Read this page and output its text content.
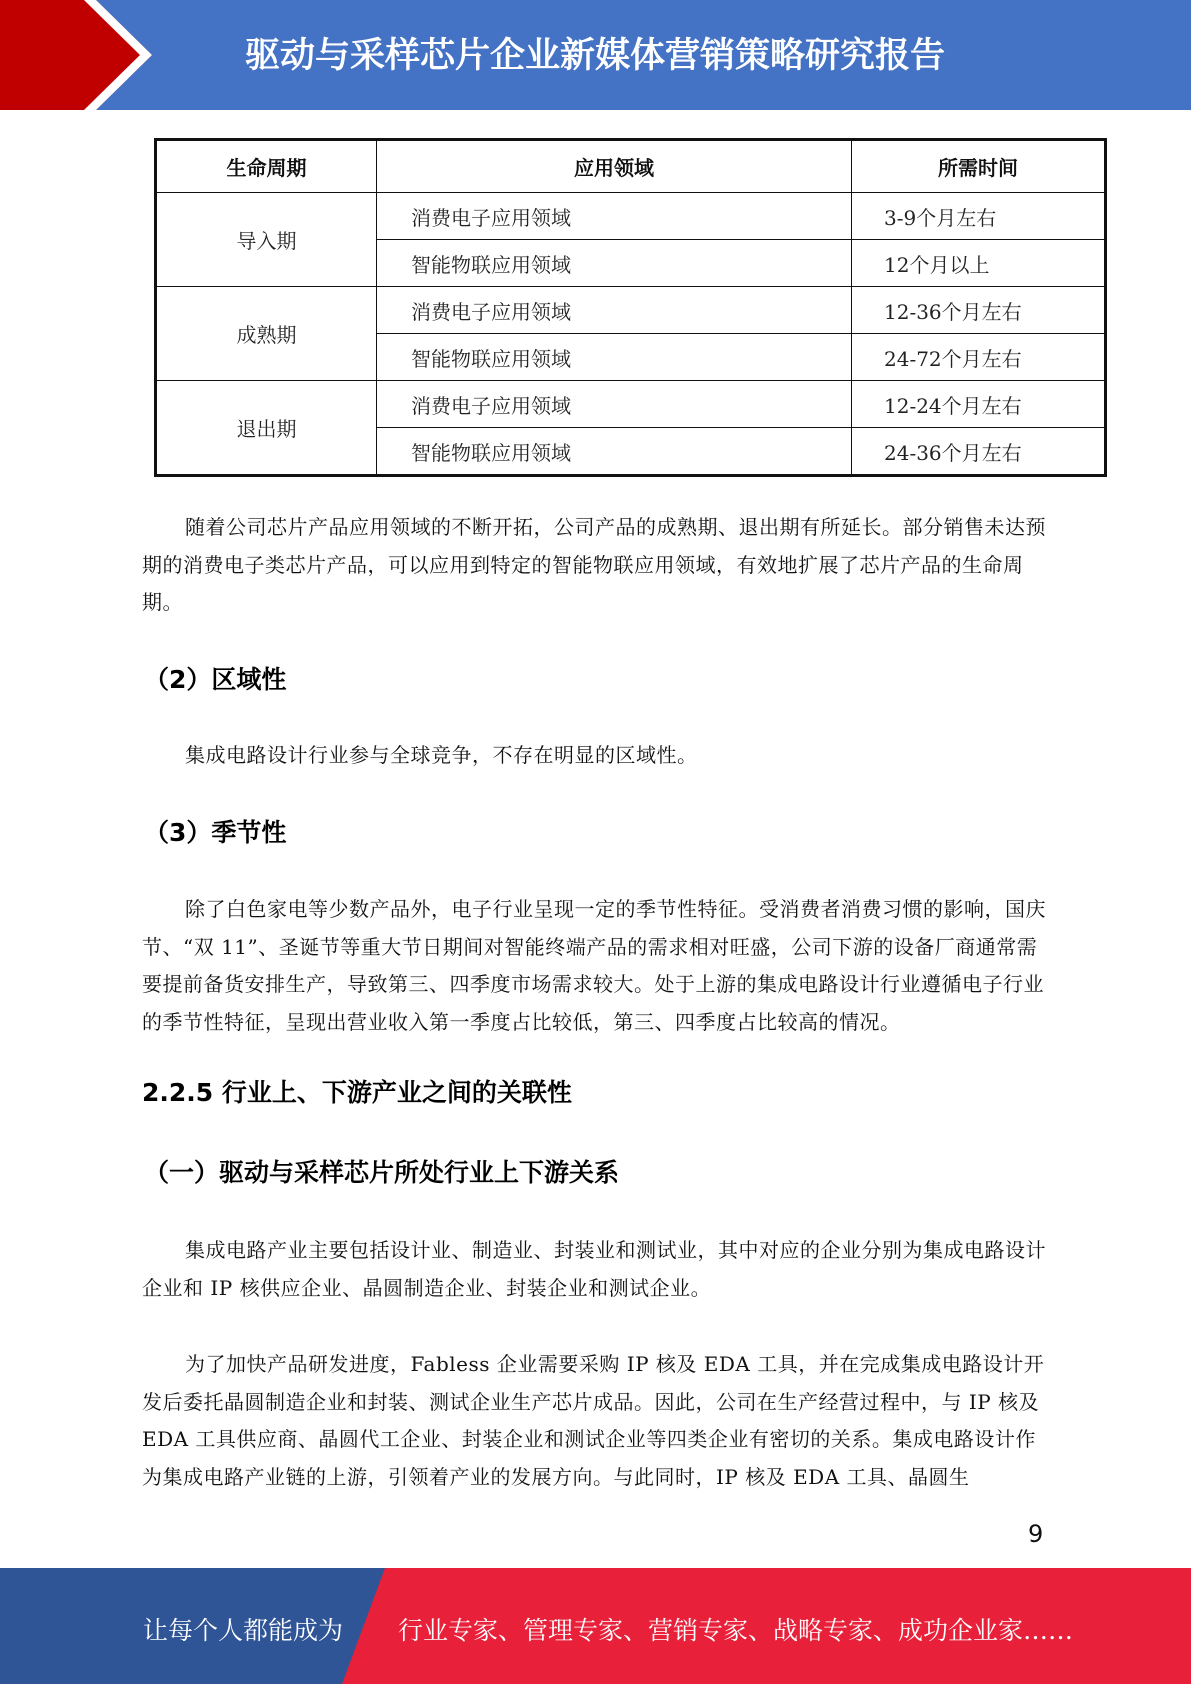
驱动与采样芯片企业新媒体营销策略研究报告
生命周期	应用领域	所需时间
导入期	消费电子应用领域	3-9个月左右
	智能物联应用领域	12个月以上
成熟期	消费电子应用领域	12-36个月左右
	智能物联应用领域	24-72个月左右
退出期	消费电子应用领域	12-24个月左右
	智能物联应用领域	24-36个月左右
随着公司芯片产品应用领域的不断开拓，公司产品的成熟期、退出期有所延长。部分销售未达预期的消费电子类芯片产品，可以应用到特定的智能物联应用领域，有效地扩展了芯片产品的生命周期。
（2）区域性
集成电路设计行业参与全球竞争，不存在明显的区域性。
（3）季节性
除了白色家电等少数产品外，电子行业呈现一定的季节性特征。受消费者消费习惯的影响，国庆节、“双 11”、圣诞节等重大节日期间对智能终端产品的需求相对旺盛，公司下游的设备厂商通常需要提前备货安排生产，导致第三、四季度市场需求较大。处于上游的集成电路设计行业遵循电子行业的季节性特征，呈现出营业收入第一季度占比较低，第三、四季度占比较高的情况。
2.2.5 行业上、下游产业之间的关联性
（一）驱动与采样芯片所处行业上下游关系
集成电路产业主要包括设计业、制造业、封装业和测试业，其中对应的企业分别为集成电路设计企业和 IP 核供应企业、晶圆制造企业、封装企业和测试企业。
为了加快产品研发进度，Fabless 企业需要采购 IP 核及 EDA 工具，并在完成集成电路设计开发后委托晶圆制造企业和封装、测试企业生产芯片成品。因此，公司在生产经营过程中，与 IP 核及 EDA 工具供应商、晶圆代工企业、封装企业和测试企业等四类企业有密切的关系。集成电路设计作为集成电路产业链的上游，引领着产业的发展方向。与此同时，IP 核及 EDA 工具、晶圆生
9
让每个人都能成为 行业专家、管理专家、营销专家、战略专家、成功企业家……
